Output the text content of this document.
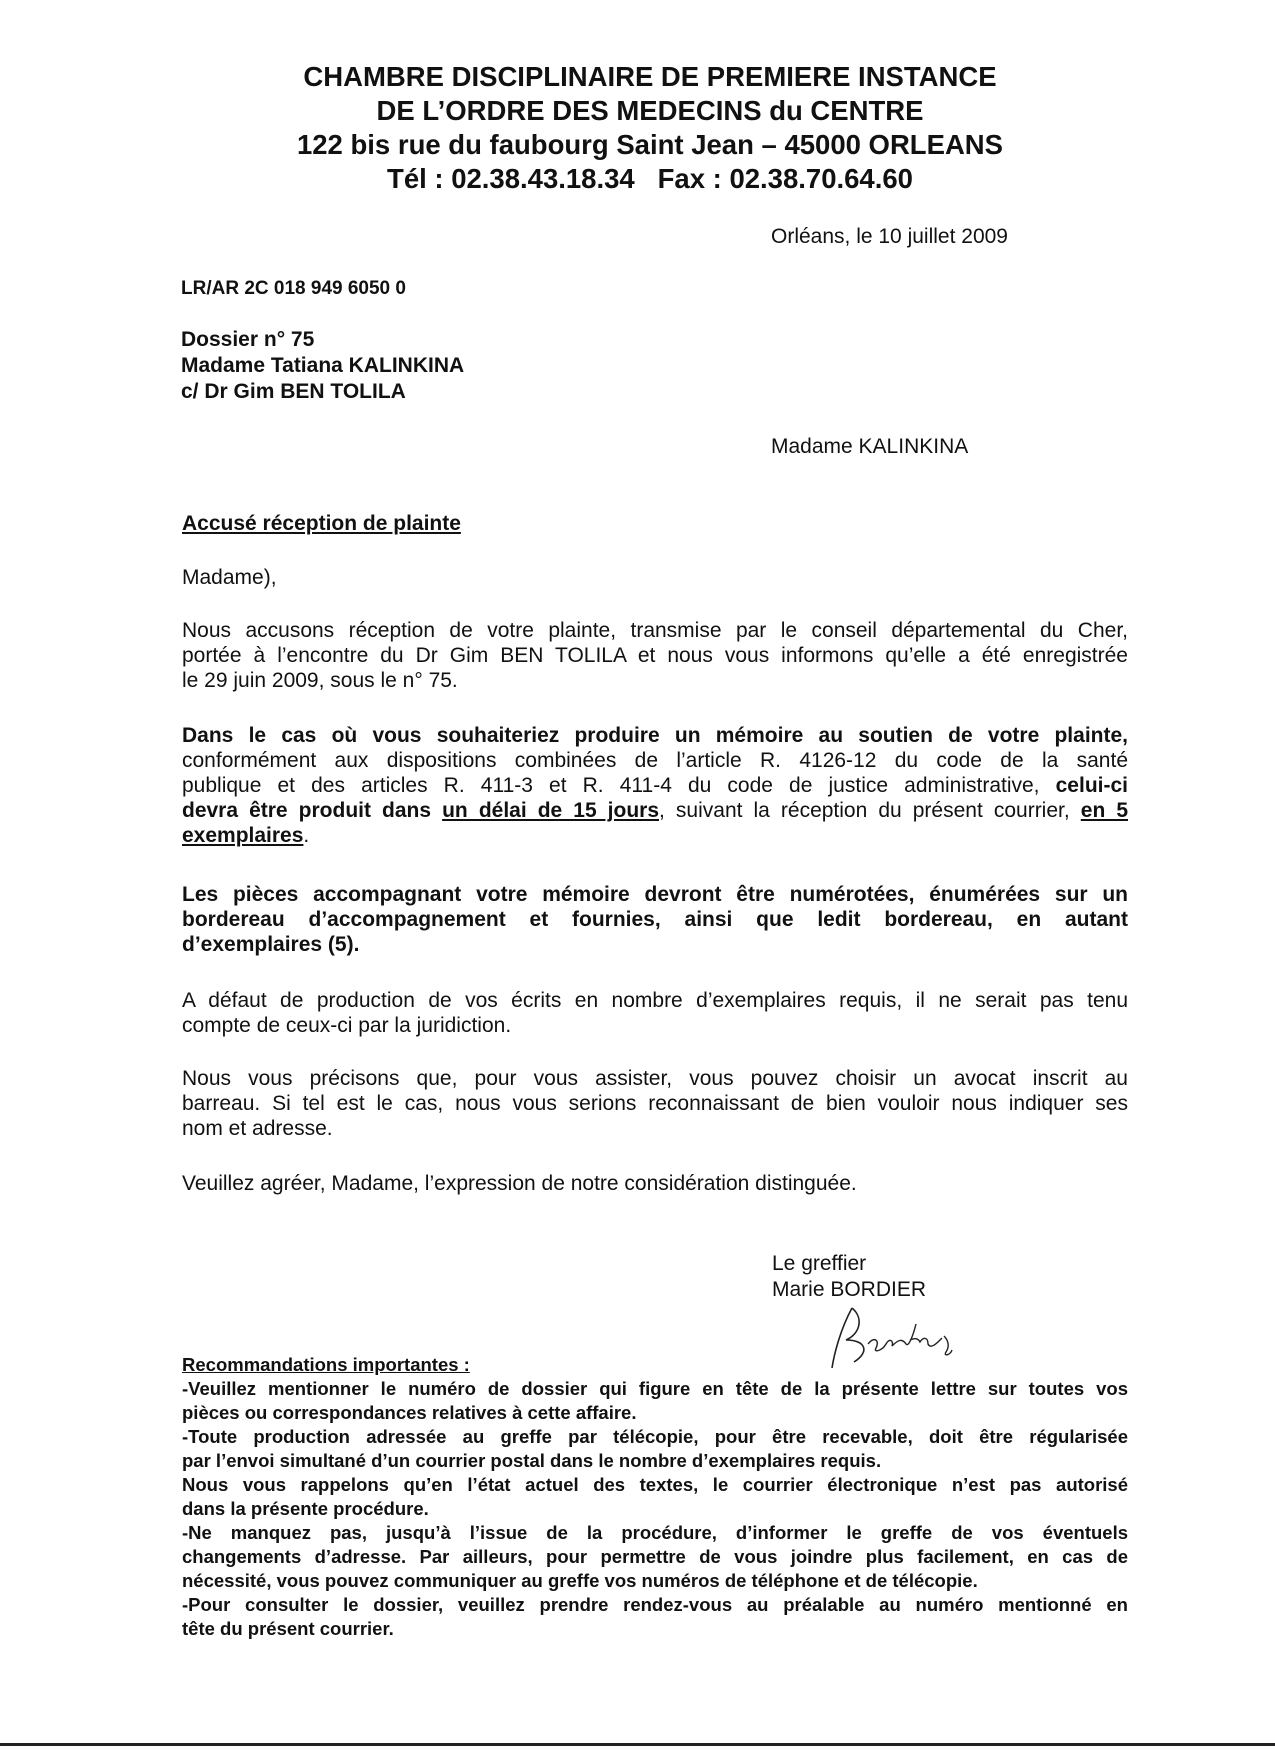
CHAMBRE DISCIPLINAIRE DE PREMIERE INSTANCE
DE L’ORDRE DES MEDECINS du CENTRE
122 bis rue du faubourg Saint Jean – 45000 ORLEANS
Tél : 02.38.43.18.34   Fax : 02.38.70.64.60
Orléans, le 10 juillet 2009
LR/AR 2C 018 949 6050 0
Dossier n° 75
Madame Tatiana KALINKINA
c/ Dr Gim BEN TOLILA
Madame KALINKINA
Accusé réception de plainte
Madame),
Nous accusons réception de votre plainte, transmise par le conseil départemental du Cher,
portée à l’encontre du Dr Gim BEN TOLILA et nous vous informons qu’elle a été enregistrée
le 29 juin 2009, sous le n° 75.
Dans le cas où vous souhaiteriez produire un mémoire au soutien de votre plainte,
conformément aux dispositions combinées de l’article R. 4126-12 du code de la santé
publique et des articles R. 411-3 et R. 411-4 du code de justice administrative, celui-ci
devra être produit dans un délai de 15 jours, suivant la réception du présent courrier, en 5
exemplaires.
Les pièces accompagnant votre mémoire devront être numérotées, énumérées sur un
bordereau d’accompagnement et fournies, ainsi que ledit bordereau, en autant
d’exemplaires (5).
A défaut de production de vos écrits en nombre d’exemplaires requis, il ne serait pas tenu
compte de ceux-ci par la juridiction.
Nous vous précisons que, pour vous assister, vous pouvez choisir un avocat inscrit au
barreau. Si tel est le cas, nous vous serions reconnaissant de bien vouloir nous indiquer ses
nom et adresse.
Veuillez agréer, Madame, l’expression de notre considération distinguée.
Le greffier
Marie BORDIER
Recommandations importantes :
-Veuillez mentionner le numéro de dossier qui figure en tête de la présente lettre sur toutes vos
pièces ou correspondances relatives à cette affaire.
-Toute production adressée au greffe par télécopie, pour être recevable, doit être régularisée
par l’envoi simultané d’un courrier postal dans le nombre d’exemplaires requis.
Nous vous rappelons qu’en l’état actuel des textes, le courrier électronique n’est pas autorisé
dans la présente procédure.
-Ne manquez pas, jusqu’à l’issue de la procédure, d’informer le greffe de vos éventuels
changements d’adresse. Par ailleurs, pour permettre de vous joindre plus facilement, en cas de
nécessité, vous pouvez communiquer au greffe vos numéros de téléphone et de télécopie.
-Pour consulter le dossier, veuillez prendre rendez-vous au préalable au numéro mentionné en
tête du présent courrier.
